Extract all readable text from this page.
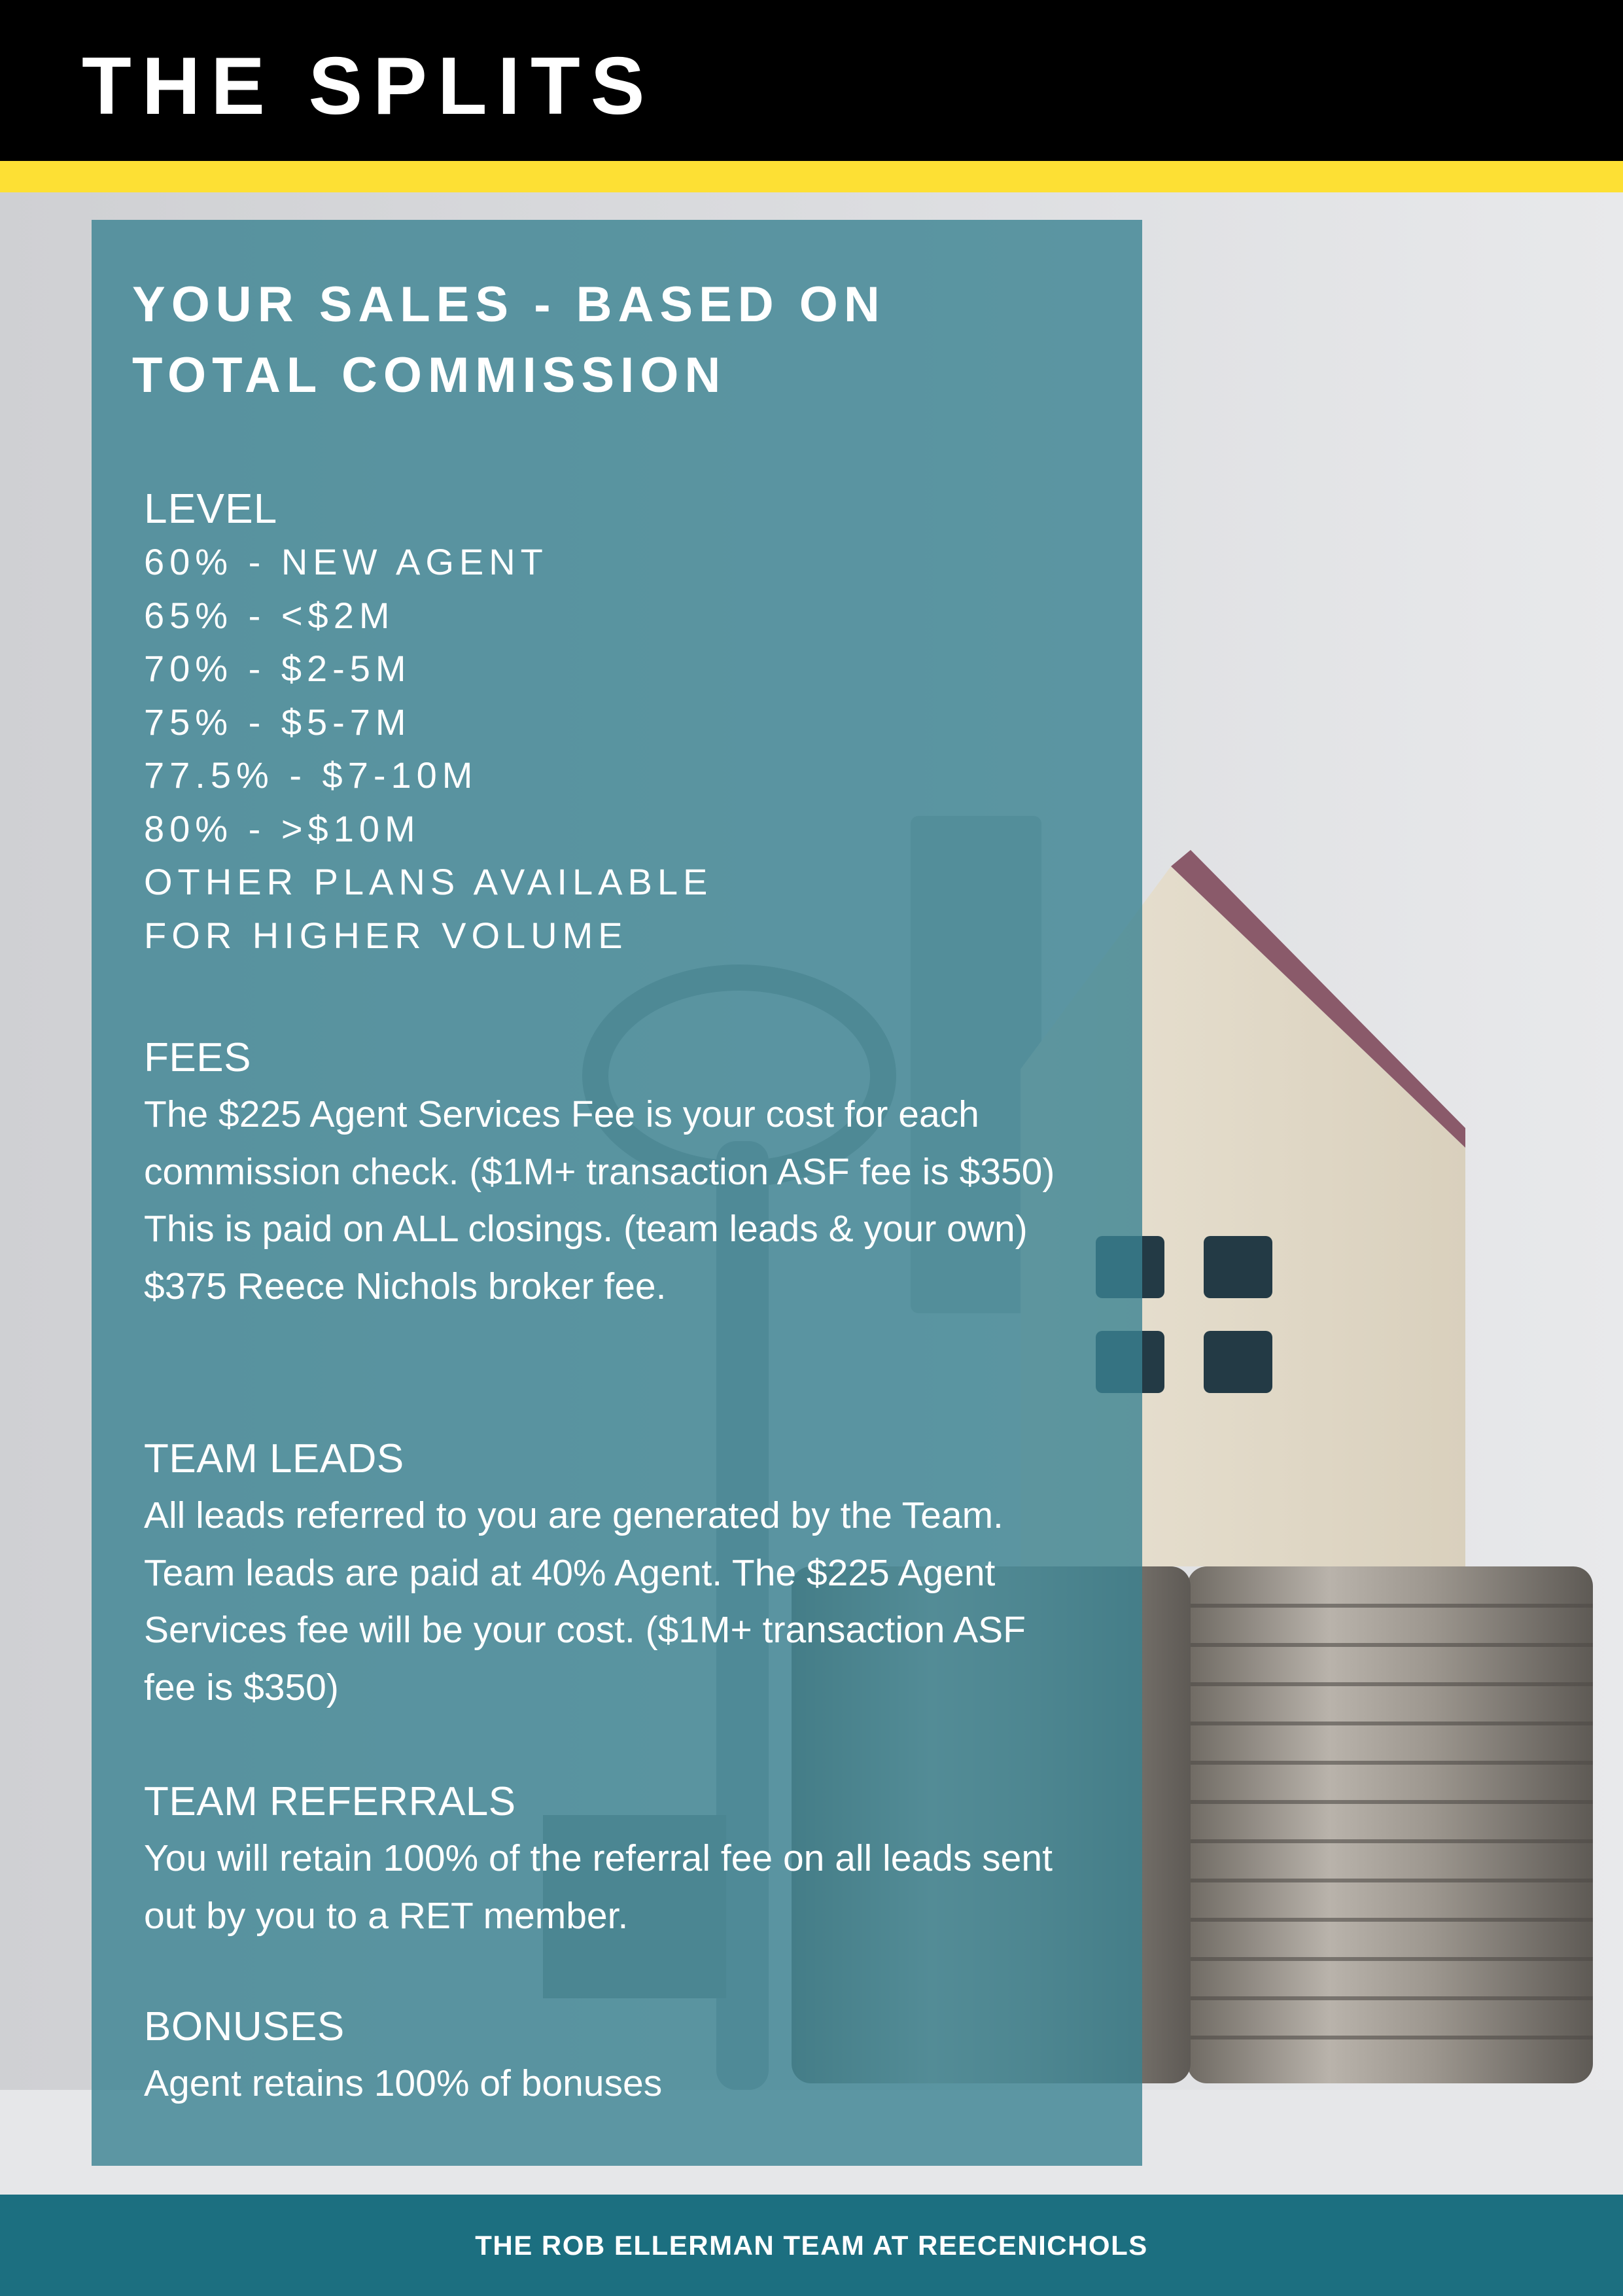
THE SPLITS
YOUR SALES - BASED ON
TOTAL COMMISSION
LEVEL
60% - NEW AGENT
65% - <$2M
70% - $2-5M
75% - $5-7M
77.5% - $7-10M
80% - >$10M
OTHER PLANS AVAILABLE
FOR HIGHER VOLUME
FEES
The $225 Agent Services Fee is your cost for each commission check. ($1M+ transaction ASF fee is $350) This is paid on ALL closings. (team leads & your own) $375 Reece Nichols broker fee.
TEAM LEADS
All leads referred to you are generated by the Team. Team leads are paid at 40% Agent. The $225 Agent Services fee will be your cost. ($1M+ transaction ASF fee is $350)
TEAM REFERRALS
You will retain 100% of the referral fee on all leads sent out by you to a RET member.
BONUSES
Agent retains 100% of bonuses
THE ROB ELLERMAN TEAM AT REECENICHOLS
